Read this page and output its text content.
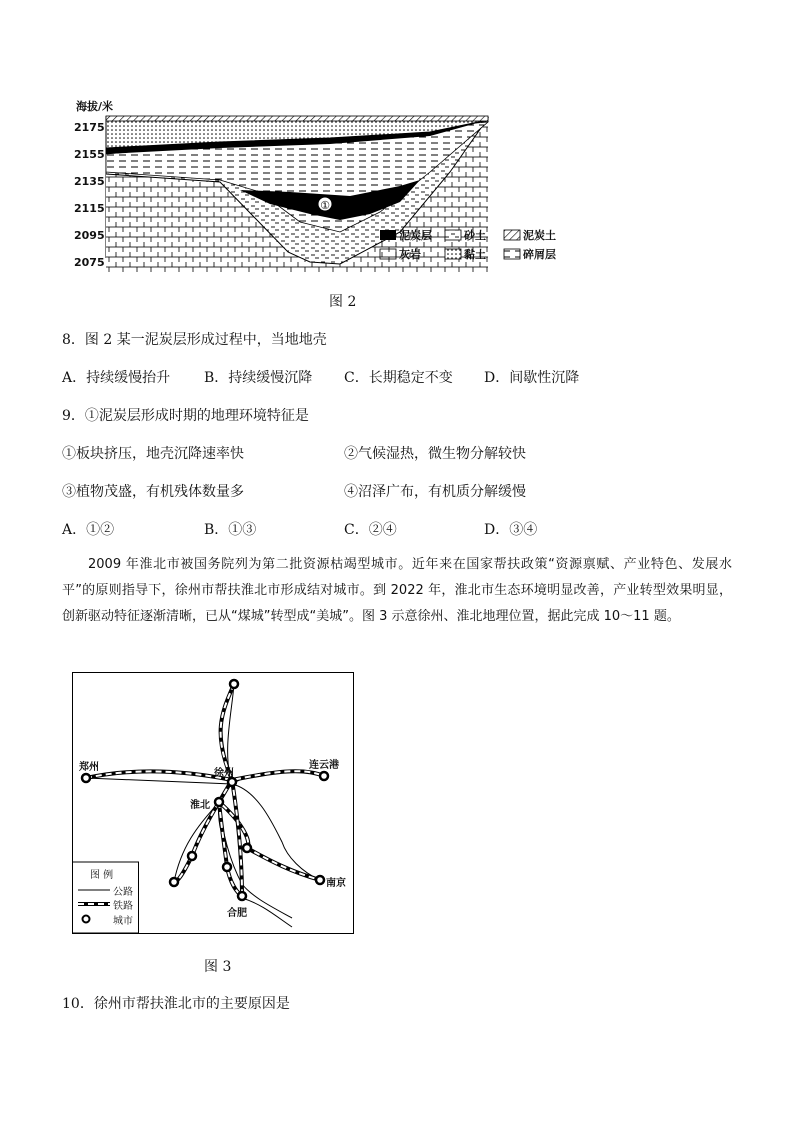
①
海拔/米
2175
2155
2135
2115
2095
2075
泥炭层	砂土	泥炭土
灰岩	黏土	碎屑层
图 2
8．图 2 某一泥炭层形成过程中，当地地壳
A．持续缓慢抬升 B．持续缓慢沉降 C．长期稳定不变 D．间歇性沉降
9．①泥炭层形成时期的地理环境特征是
①板块挤压，地壳沉降速率快	②气候湿热，微生物分解较快
③植物茂盛，有机残体数量多	④沼泽广布，有机质分解缓慢
A．①②	B．①③	C．②④	D．③④
2009 年淮北市被国务院列为第二批资源枯竭型城市。近年来在国家帮扶政策“资源禀赋、产业特色、发展水平”的原则指导下，徐州市帮扶淮北市形成结对城市。到 2022 年，淮北市生态环境明显改善，产业转型效果明显，创新驱动特征逐渐清晰，已从“煤城”转型成“美城”。图 3 示意徐州、淮北地理位置，据此完成 10～11 题。
郑州
徐州
连云港
淮北
南京
合肥
图 例
公路
铁路
城市
图 3
10．徐州市帮扶淮北市的主要原因是
